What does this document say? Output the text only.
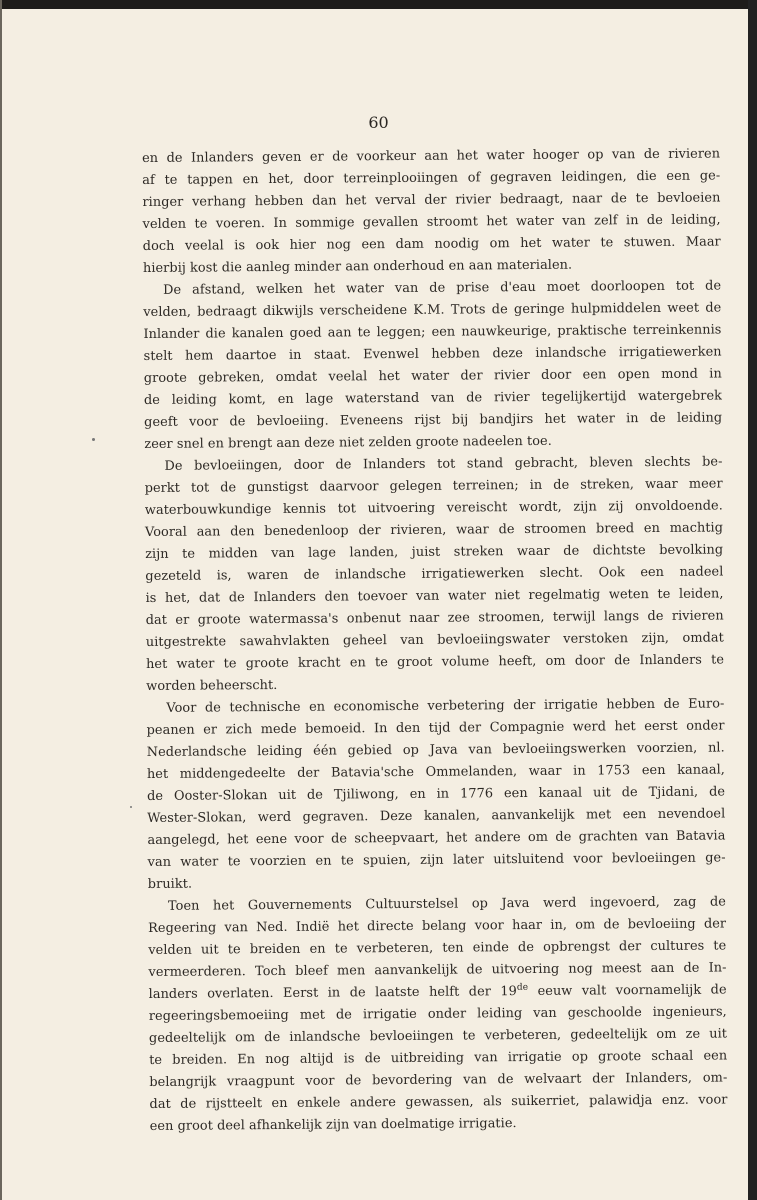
60

en de Inlanders geven er de voorkeur aan het water hooger op van de rivieren
af te tappen en het, door terreinplooiingen of gegraven leidingen, die een ge-
ringer verhang hebben dan het verval der rivier bedraagt, naar de te bevloeien
velden te voeren. In sommige gevallen stroomt het water van zelf in de leiding,
doch veelal is ook hier nog een dam noodig om het water te stuwen. Maar
hierbij kost die aanleg minder aan onderhoud en aan materialen.
De afstand, welken het water van de prise d'eau moet doorloopen tot de
velden, bedraagt dikwijls verscheidene K.M. Trots de geringe hulpmiddelen weet de
Inlander die kanalen goed aan te leggen; een nauwkeurige, praktische terreinkennis
stelt hem daartoe in staat. Evenwel hebben deze inlandsche irrigatiewerken
groote gebreken, omdat veelal het water der rivier door een open mond in
de leiding komt, en lage waterstand van de rivier tegelijkertijd watergebrek
geeft voor de bevloeiing. Eveneens rijst bij bandjirs het water in de leiding
zeer snel en brengt aan deze niet zelden groote nadeelen toe.
De bevloeiingen, door de Inlanders tot stand gebracht, bleven slechts be-
perkt tot de gunstigst daarvoor gelegen terreinen; in de streken, waar meer
waterbouwkundige kennis tot uitvoering vereischt wordt, zijn zij onvoldoende.
Vooral aan den benedenloop der rivieren, waar de stroomen breed en machtig
zijn te midden van lage landen, juist streken waar de dichtste bevolking
gezeteld is, waren de inlandsche irrigatiewerken slecht. Ook een nadeel
is het, dat de Inlanders den toevoer van water niet regelmatig weten te leiden,
dat er groote watermassa's onbenut naar zee stroomen, terwijl langs de rivieren
uitgestrekte sawahvlakten geheel van bevloeiingswater verstoken zijn, omdat
het water te groote kracht en te groot volume heeft, om door de Inlanders te
worden beheerscht.
Voor de technische en economische verbetering der irrigatie hebben de Euro-
peanen er zich mede bemoeid. In den tijd der Compagnie werd het eerst onder
Nederlandsche leiding één gebied op Java van bevloeiingswerken voorzien, nl.
het middengedeelte der Batavia'sche Ommelanden, waar in 1753 een kanaal,
de Ooster-Slokan uit de Tjiliwong, en in 1776 een kanaal uit de Tjidani, de
Wester-Slokan, werd gegraven. Deze kanalen, aanvankelijk met een nevendoel
aangelegd, het eene voor de scheepvaart, het andere om de grachten van Batavia
van water te voorzien en te spuien, zijn later uitsluitend voor bevloeiingen ge-
bruikt.
Toen het Gouvernements Cultuurstelsel op Java werd ingevoerd, zag de
Regeering van Ned. Indië het directe belang voor haar in, om de bevloeiing der
velden uit te breiden en te verbeteren, ten einde de opbrengst der cultures te
vermeerderen. Toch bleef men aanvankelijk de uitvoering nog meest aan de In-
landers overlaten. Eerst in de laatste helft der 19de eeuw valt voornamelijk de
regeeringsbemoeiing met de irrigatie onder leiding van geschoolde ingenieurs,
gedeeltelijk om de inlandsche bevloeiingen te verbeteren, gedeeltelijk om ze uit
te breiden. En nog altijd is de uitbreiding van irrigatie op groote schaal een
belangrijk vraagpunt voor de bevordering van de welvaart der Inlanders, om-
dat de rijstteelt en enkele andere gewassen, als suikerriet, palawidja enz. voor
een groot deel afhankelijk zijn van doelmatige irrigatie.
